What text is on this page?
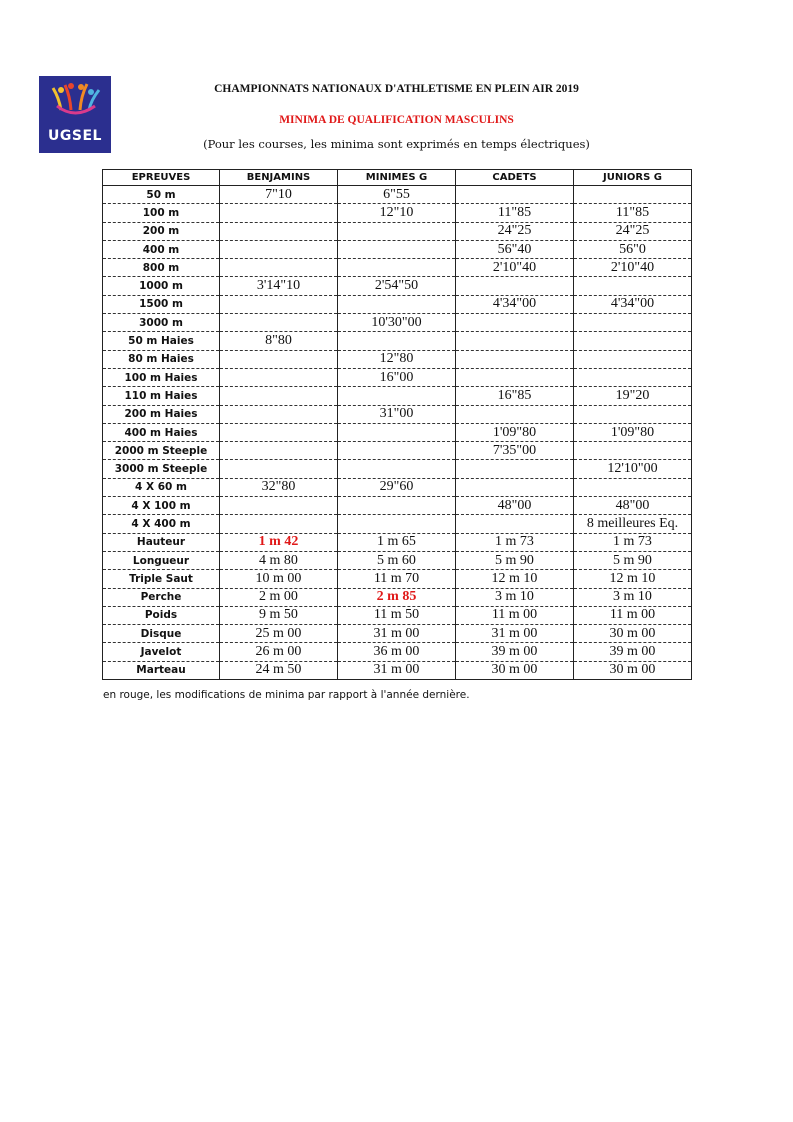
UGSEL
CHAMPIONNATS NATIONAUX D'ATHLETISME EN PLEIN AIR 2019
MINIMA DE QUALIFICATION MASCULINS
(Pour les courses, les minima sont exprimés en temps électriques)
EPREUVES	BENJAMINS	MINIMES G	CADETS	JUNIORS G
50 m	7"10	6"55		
100 m		12"10	11"85	11"85
200 m			24"25	24"25
400 m			56"40	56"0
800 m			2'10"40	2'10"40
1000 m	3'14"10	2'54"50		
1500 m			4'34"00	4'34"00
3000 m		10'30"00		
50 m Haies	8"80			
80 m Haies		12"80		
100 m Haies		16"00		
110 m Haies			16"85	19"20
200 m Haies		31"00		
400 m Haies			1'09"80	1'09"80
2000 m Steeple			7'35"00	
3000 m Steeple				12'10"00
4 X 60 m	32"80	29"60		
4 X 100 m			48"00	48"00
4 X 400 m				8 meilleures Eq.
Hauteur	1 m 42	1 m 65	1 m 73	1 m 73
Longueur	4 m 80	5 m 60	5 m 90	5 m 90
Triple Saut	10 m 00	11 m 70	12 m 10	12 m 10
Perche	2 m 00	2 m 85	3 m 10	3 m 10
Poids	9 m 50	11 m 50	11 m 00	11 m 00
Disque	25 m 00	31 m 00	31 m 00	30 m 00
Javelot	26 m 00	36 m 00	39 m 00	39 m 00
Marteau	24 m 50	31 m 00	30 m 00	30 m 00
en rouge, les modifications de minima par rapport à l'année dernière.
